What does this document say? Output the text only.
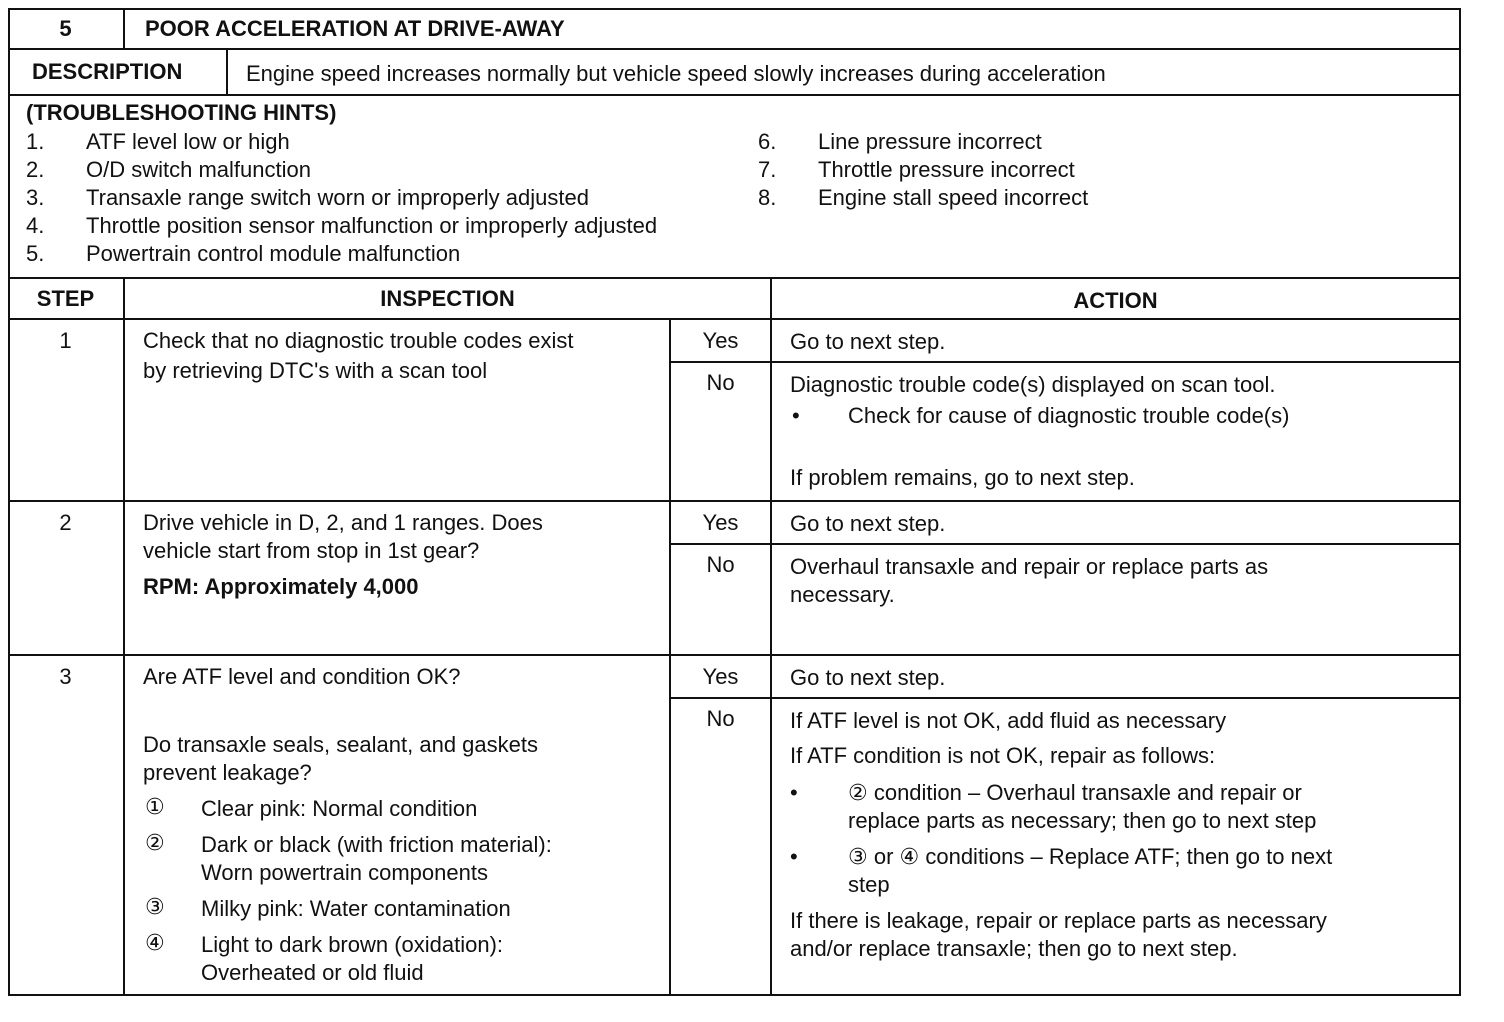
5	POOR ACCELERATION AT DRIVE-AWAY
DESCRIPTION	Engine speed increases normally but vehicle speed slowly increases during acceleration
(TROUBLESHOOTING HINTS)
1. ATF level low or high
2. O/D switch malfunction
3. Transaxle range switch worn or improperly adjusted
4. Throttle position sensor malfunction or improperly adjusted
5. Powertrain control module malfunction
6. Line pressure incorrect
7. Throttle pressure incorrect
8. Engine stall speed incorrect
STEP	INSPECTION	ACTION
1	Check that no diagnostic trouble codes exist
by retrieving DTC's with a scan tool
Yes	Go to next step.
No	Diagnostic trouble code(s) displayed on scan tool.
• Check for cause of diagnostic trouble code(s)
If problem remains, go to next step.
2	Drive vehicle in D, 2, and 1 ranges. Does
vehicle start from stop in 1st gear?
RPM: Approximately 4,000
Yes	Go to next step.
No	Overhaul transaxle and repair or replace parts as
necessary.
3	Are ATF level and condition OK?
Do transaxle seals, sealant, and gaskets
prevent leakage?
① Clear pink: Normal condition
② Dark or black (with friction material):
Worn powertrain components
③ Milky pink: Water contamination
④ Light to dark brown (oxidation):
Overheated or old fluid
Yes	Go to next step.
No	If ATF level is not OK, add fluid as necessary
If ATF condition is not OK, repair as follows:
• ② condition – Overhaul transaxle and repair or
replace parts as necessary; then go to next step
• ③ or ④ conditions – Replace ATF; then go to next
step
If there is leakage, repair or replace parts as necessary
and/or replace transaxle; then go to next step.
